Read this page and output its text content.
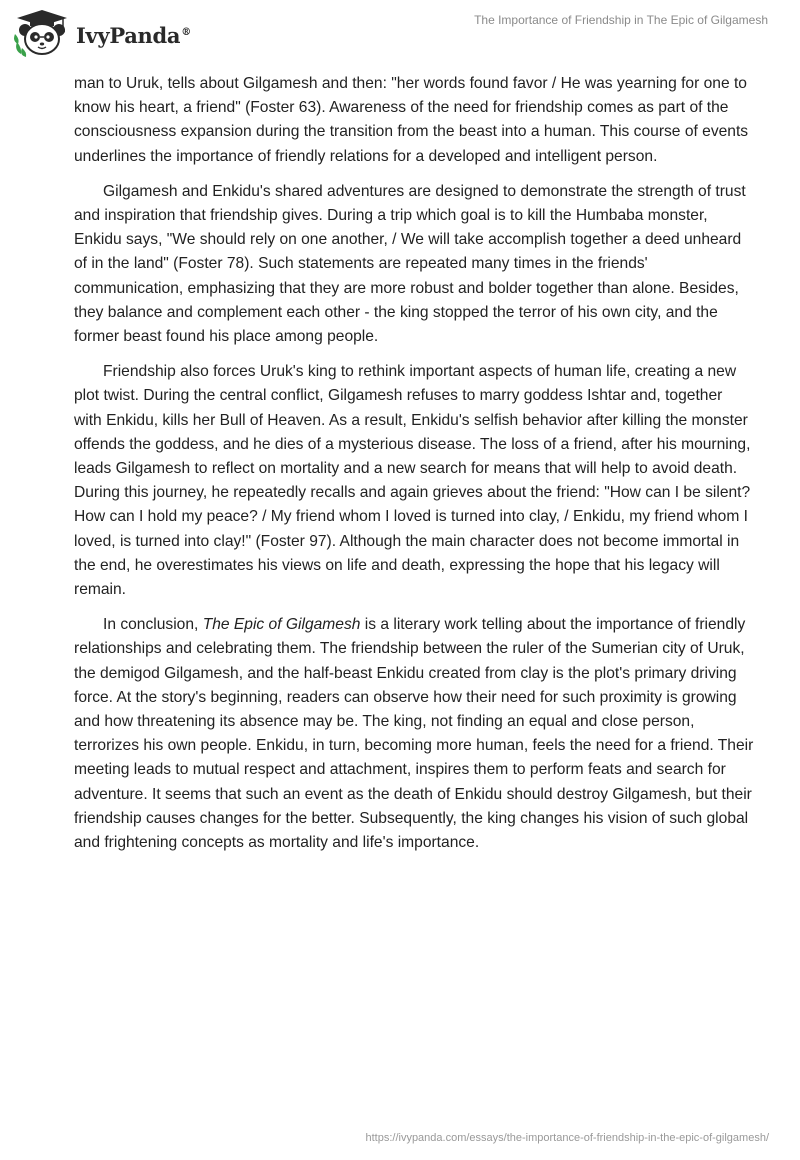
IvyPanda®
The Importance of Friendship in The Epic of Gilgamesh

man to Uruk, tells about Gilgamesh and then: "her words found favor / He was yearning for one to know his heart, a friend" (Foster 63). Awareness of the need for friendship comes as part of the consciousness expansion during the transition from the beast into a human. This course of events underlines the importance of friendly relations for a developed and intelligent person.

Gilgamesh and Enkidu's shared adventures are designed to demonstrate the strength of trust and inspiration that friendship gives. During a trip which goal is to kill the Humbaba monster, Enkidu says, "We should rely on one another, / We will take accomplish together a deed unheard of in the land" (Foster 78). Such statements are repeated many times in the friends' communication, emphasizing that they are more robust and bolder together than alone. Besides, they balance and complement each other - the king stopped the terror of his own city, and the former beast found his place among people.

Friendship also forces Uruk's king to rethink important aspects of human life, creating a new plot twist. During the central conflict, Gilgamesh refuses to marry goddess Ishtar and, together with Enkidu, kills her Bull of Heaven. As a result, Enkidu's selfish behavior after killing the monster offends the goddess, and he dies of a mysterious disease. The loss of a friend, after his mourning, leads Gilgamesh to reflect on mortality and a new search for means that will help to avoid death. During this journey, he repeatedly recalls and again grieves about the friend: "How can I be silent? How can I hold my peace? / My friend whom I loved is turned into clay, / Enkidu, my friend whom I loved, is turned into clay!" (Foster 97). Although the main character does not become immortal in the end, he overestimates his views on life and death, expressing the hope that his legacy will remain.

In conclusion, The Epic of Gilgamesh is a literary work telling about the importance of friendly relationships and celebrating them. The friendship between the ruler of the Sumerian city of Uruk, the demigod Gilgamesh, and the half-beast Enkidu created from clay is the plot's primary driving force. At the story's beginning, readers can observe how their need for such proximity is growing and how threatening its absence may be. The king, not finding an equal and close person, terrorizes his own people. Enkidu, in turn, becoming more human, feels the need for a friend. Their meeting leads to mutual respect and attachment, inspires them to perform feats and search for adventure. It seems that such an event as the death of Enkidu should destroy Gilgamesh, but their friendship causes changes for the better. Subsequently, the king changes his vision of such global and frightening concepts as mortality and life's importance.

https://ivypanda.com/essays/the-importance-of-friendship-in-the-epic-of-gilgamesh/
